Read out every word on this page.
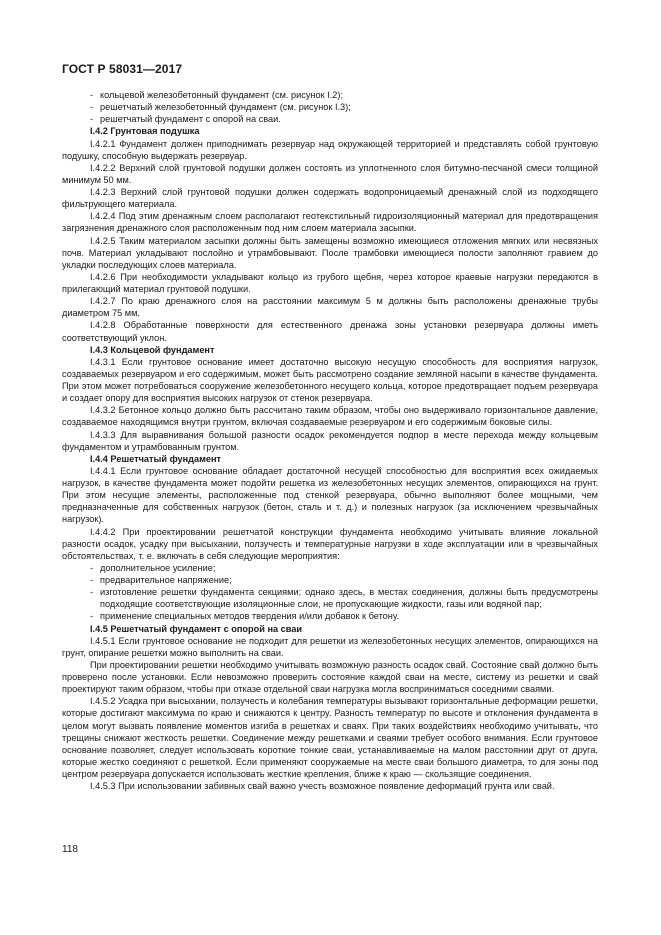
ГОСТ Р 58031—2017

- кольцевой железобетонный фундамент (см. рисунок I.2);

- решетчатый железобетонный фундамент (см. рисунок I.3);

- решетчатый фундамент с опорой на сваи.

I.4.2 Грунтовая подушка

I.4.2.1 Фундамент должен приподнимать резервуар над окружающей территорией и представлять собой грунтовую подушку, способную выдержать резервуар.

I.4.2.2 Верхний слой грунтовой подушки должен состоять из уплотненного слоя битумно-песчаной смеси толщиной минимум 50 мм.

I.4.2.3 Верхний слой грунтовой подушки должен содержать водопроницаемый дренажный слой из подходящего фильтрующего материала.

I.4.2.4 Под этим дренажным слоем располагают геотекстильный гидроизоляционный материал для предотвращения загрязнения дренажного слоя расположенным под ним слоем материала засыпки.

I.4.2.5 Таким материалом засыпки должны быть замещены возможно имеющиеся отложения мягких или несвязных почв. Материал укладывают послойно и утрамбовывают. После трамбовки имеющиеся полости заполняют гравием до укладки последующих слоев материала.

I.4.2.6 При необходимости укладывают кольцо из грубого щебня, через которое краевые нагрузки передаются в прилегающий материал грунтовой подушки.

I.4.2.7 По краю дренажного слоя на расстоянии максимум 5 м должны быть расположены дренажные трубы диаметром 75 мм.

I.4.2.8 Обработанные поверхности для естественного дренажа зоны установки резервуара должны иметь соответствующий уклон.

I.4.3 Кольцевой фундамент

I.4.3.1 Если грунтовое основание имеет достаточно высокую несущую способность для восприятия нагрузок, создаваемых резервуаром и его содержимым, может быть рассмотрено создание земляной насыпи в качестве фундамента. При этом может потребоваться сооружение железобетонного несущего кольца, которое предотвращает подъем резервуара и создает опору для восприятия высоких нагрузок от стенок резервуара.

I.4.3.2 Бетонное кольцо должно быть рассчитано таким образом, чтобы оно выдерживало горизонтальное давление, создаваемое находящимся внутри грунтом, включая создаваемые резервуаром и его содержимым боковые силы.

I.4.3.3 Для выравнивания большой разности осадок рекомендуется подпор в месте перехода между кольцевым фундаментом и утрамбованным грунтом.

I.4.4 Решетчатый фундамент

I.4.4.1 Если грунтовое основание обладает достаточной несущей способностью для восприятия всех ожидаемых нагрузок, в качестве фундамента может подойти решетка из железобетонных несущих элементов, опирающихся на грунт. При этом несущие элементы, расположенные под стенкой резервуара, обычно выполняют более мощными, чем предназначенные для собственных нагрузок (бетон, сталь и т. д.) и полезных нагрузок (за исключением чрезвычайных нагрузок).

I.4.4.2 При проектировании решетчатой конструкции фундамента необходимо учитывать влияние локальной разности осадок, усадку при высыхании, ползучесть и температурные нагрузки в ходе эксплуатации или в чрезвычайных обстоятельствах, т. е. включать в себя следующие мероприятия:

- дополнительное усиление;

- предварительное напряжение;

- изготовление решетки фундамента секциями; однако здесь, в местах соединения, должны быть предусмотрены подходящие соответствующие изоляционные слои, не пропускающие жидкости, газы или водяной пар;

- применение специальных методов твердения и/или добавок к бетону.

I.4.5 Решетчатый фундамент с опорой на сваи

I.4.5.1 Если грунтовое основание не подходит для решетки из железобетонных несущих элементов, опирающихся на грунт, опирание решетки можно выполнить на сваи.

При проектировании решетки необходимо учитывать возможную разность осадок свай. Состояние свай должно быть проверено после установки. Если невозможно проверить состояние каждой сваи на месте, систему из решетки и свай проектируют таким образом, чтобы при отказе отдельной сваи нагрузка могла восприниматься соседними сваями.

I.4.5.2 Усадка при высыхании, ползучесть и колебания температуры вызывают горизонтальные деформации решетки, которые достигают максимума по краю и снижаются к центру. Разность температур по высоте и отклонения фундамента в целом могут вызвать появление моментов изгиба в решетках и сваях. При таких воздействиях необходимо учитывать, что трещины снижают жесткость решетки. Соединение между решетками и сваями требует особого внимания. Если грунтовое основание позволяет, следует использовать короткие тонкие сваи, устанавливаемые на малом расстоянии друг от друга, которые жестко соединяют с решеткой. Если применяют сооружаемые на месте сваи большого диаметра, то для зоны под центром резервуара допускается использовать жесткие крепления, ближе к краю — скользящие соединения.

I.4.5.3 При использовании забивных свай важно учесть возможное появление деформаций грунта или свай.

118
